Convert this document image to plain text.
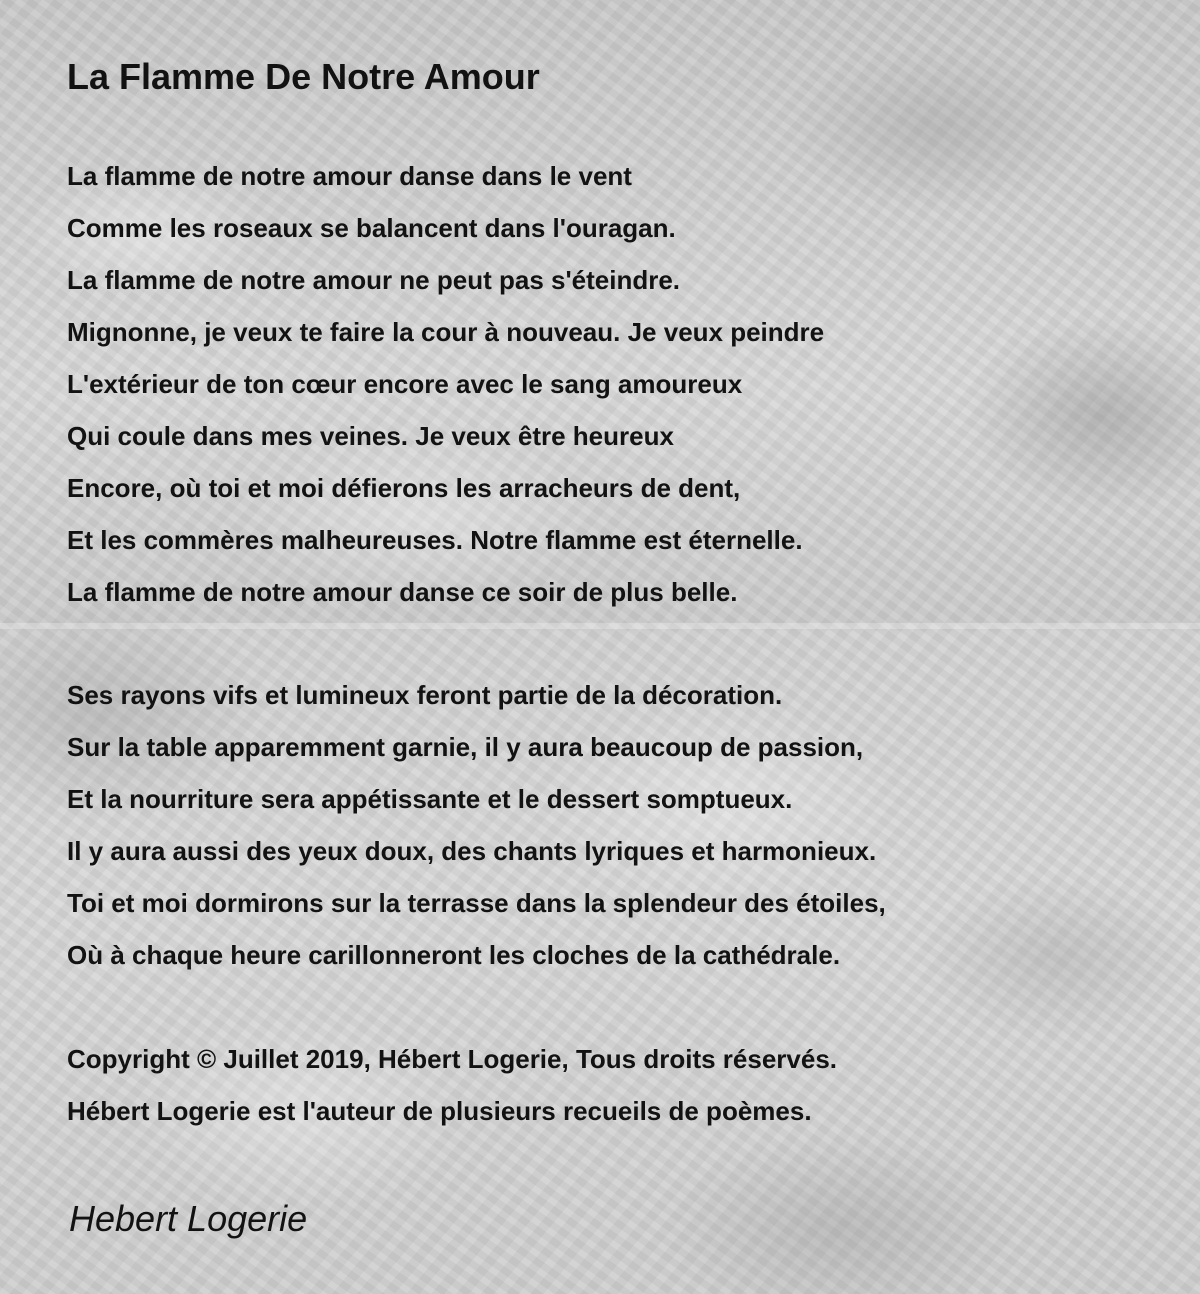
La Flamme De Notre Amour
La flamme de notre amour danse dans le vent
Comme les roseaux se balancent dans l'ouragan.
La flamme de notre amour ne peut pas s'éteindre.
Mignonne, je veux te faire la cour à nouveau. Je veux peindre
L'extérieur de ton cœur encore avec le sang amoureux
Qui coule dans mes veines. Je veux être heureux
Encore, où toi et moi défierons les arracheurs de dent,
Et les commères malheureuses. Notre flamme est éternelle.
La flamme de notre amour danse ce soir de plus belle.
Ses rayons vifs et lumineux feront partie de la décoration.
Sur la table apparemment garnie, il y aura beaucoup de passion,
Et la nourriture sera appétissante et le dessert somptueux.
Il y aura aussi des yeux doux, des chants lyriques et harmonieux.
Toi et moi dormirons sur la terrasse dans la splendeur des étoiles,
Où à chaque heure carillonneront les cloches de la cathédrale.
Copyright © Juillet 2019, Hébert Logerie, Tous droits réservés.
Hébert Logerie est l'auteur de plusieurs recueils de poèmes.

Hebert Logerie
